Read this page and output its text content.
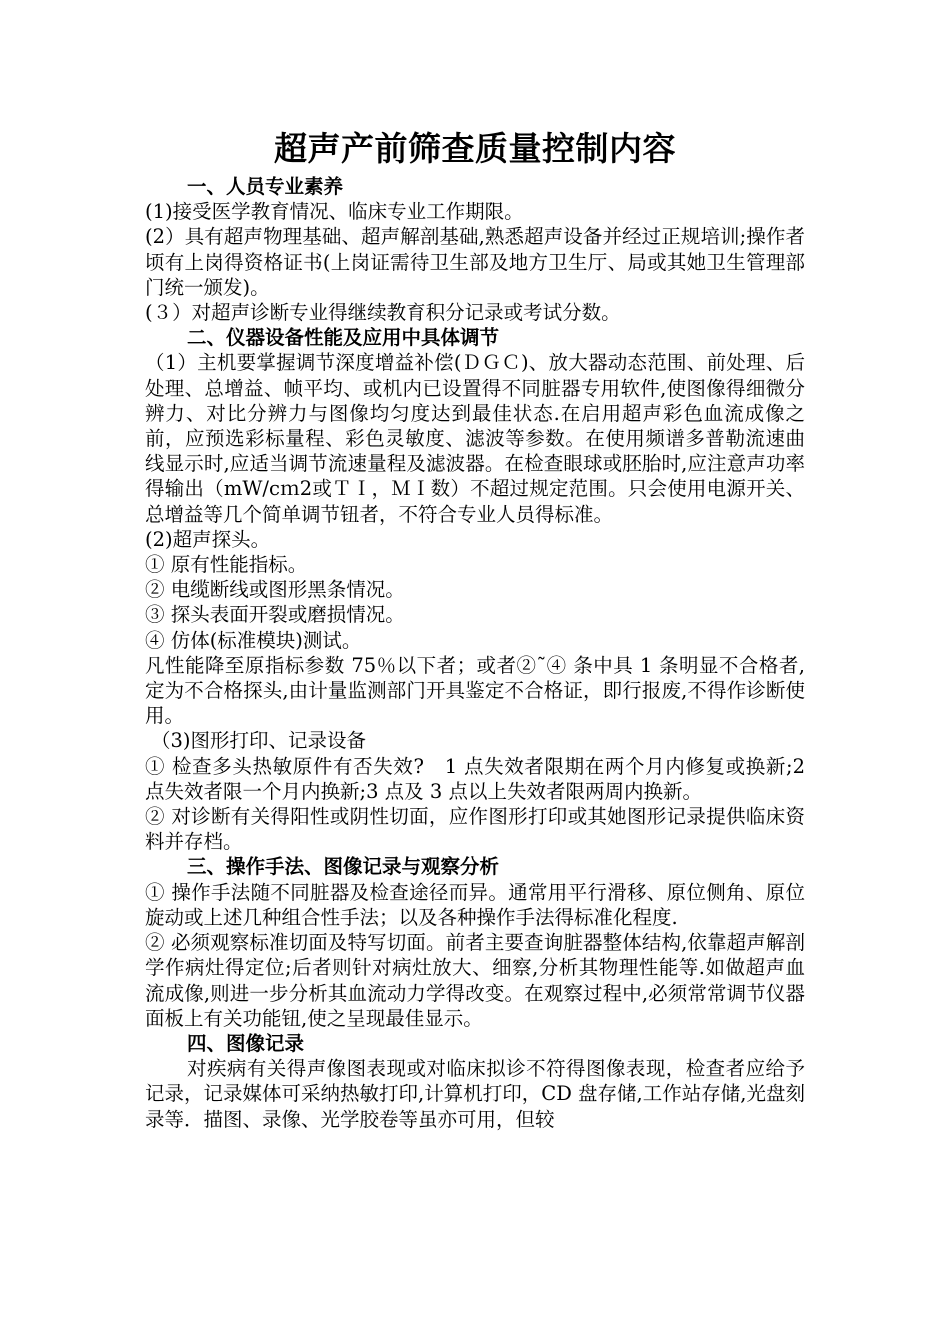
超声产前筛查质量控制内容

一、人员专业素养

(1)接受医学教育情况、临床专业工作期限。

(2）具有超声物理基础、超声解剖基础,熟悉超声设备并经过正规培训;操作者顷有上岗得资格证书(上岗证需待卫生部及地方卫生厅、局或其她卫生管理部门统一颁发)。

(３）对超声诊断专业得继续教育积分记录或考试分数。

二、仪器设备性能及应用中具体调节

（1）主机要掌握调节深度增益补偿(ＤＧＣ)、放大器动态范围、前处理、后处理、总增益、帧平均、或机内已设置得不同脏器专用软件,使图像得细微分辨力、对比分辨力与图像均匀度达到最佳状态.在启用超声彩色血流成像之前，应预选彩标量程、彩色灵敏度、滤波等参数。在使用频谱多普勒流速曲线显示时,应适当调节流速量程及滤波器。在检查眼球或胚胎时,应注意声功率得输出（mW/cｍ2或ＴＩ，ＭＩ数）不超过规定范围。只会使用电源开关、总增益等几个简单调节钮者，不符合专业人员得标准。

(2)超声探头。

① 原有性能指标。

② 电缆断线或图形黑条情况。

③ 探头表面开裂或磨损情况。

④ 仿体(标准模块)测试。

凡性能降至原指标参数 75％以下者；或者②˜④ 条中具 1 条明显不合格者,定为不合格探头,由计量监测部门开具鉴定不合格证，即行报废,不得作诊断使用。

（3)图形打印、记录设备

① 检查多头热敏原件有否失效?　1 点失效者限期在两个月内修复或换新;2 点失效者限一个月内换新;3 点及 3 点以上失效者限两周内换新。

② 对诊断有关得阳性或阴性切面，应作图形打印或其她图形记录提供临床资料并存档。

三、操作手法、图像记录与观察分析

① 操作手法随不同脏器及检查途径而异。通常用平行滑移、原位侧角、原位旋动或上述几种组合性手法；以及各种操作手法得标准化程度.

② 必须观察标准切面及特写切面。前者主要查询脏器整体结构,依靠超声解剖学作病灶得定位;后者则针对病灶放大、细察,分析其物理性能等.如做超声血流成像,则进一步分析其血流动力学得改变。在观察过程中,必须常常调节仪器面板上有关功能钮,使之呈现最佳显示。

四、图像记录

对疾病有关得声像图表现或对临床拟诊不符得图像表现，检查者应给予记录，记录媒体可采纳热敏打印,计算机打印，CD 盘存储,工作站存储,光盘刻录等．描图、录像、光学胶卷等虽亦可用，但较
